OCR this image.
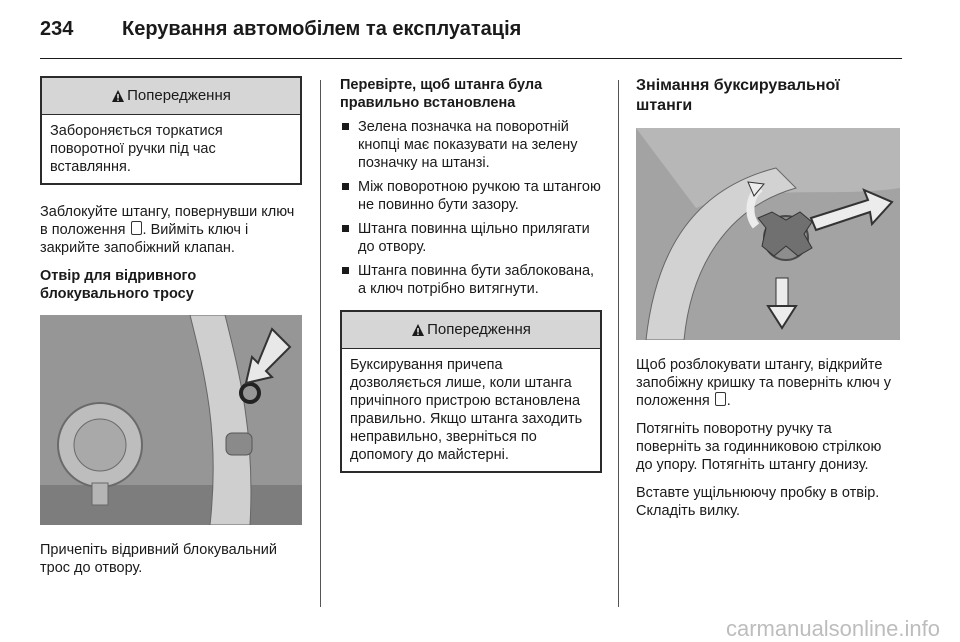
234 Керування автомобілем та експлуатація
Попередження
Забороняється торкатися поворотної ручки під час вставляння.

Заблокуйте штангу, повернувши ключ в положення . Вийміть ключ і закрийте запобіжний клапан.

Отвір для відривного блокувального тросу

Причепіть відривний блокувальний трос до отвору.

Перевірте, щоб штанга була правильно встановлена
Зелена позначка на поворотній кнопці має показувати на зелену позначку на штанзі.
Між поворотною ручкою та штангою не повинно бути зазору.
Штанга повинна щільно прилягати до отвору.
Штанга повинна бути заблокована, а ключ потрібно витягнути.
Попередження
Буксирування причепа дозволяється лише, коли штанга причіпного пристрою встановлена правильно. Якщо штанга заходить неправильно, зверніться по допомогу до майстерні.
Знімання буксирувальної штанги

Щоб розблокувати штангу, відкрийте запобіжну кришку та поверніть ключ у положення .

Потягніть поворотну ручку та поверніть за годинниковою стрілкою до упору. Потягніть штангу донизу.

Вставте ущільнюючу пробку в отвір. Складіть вилку.

carmanualsonline.info
